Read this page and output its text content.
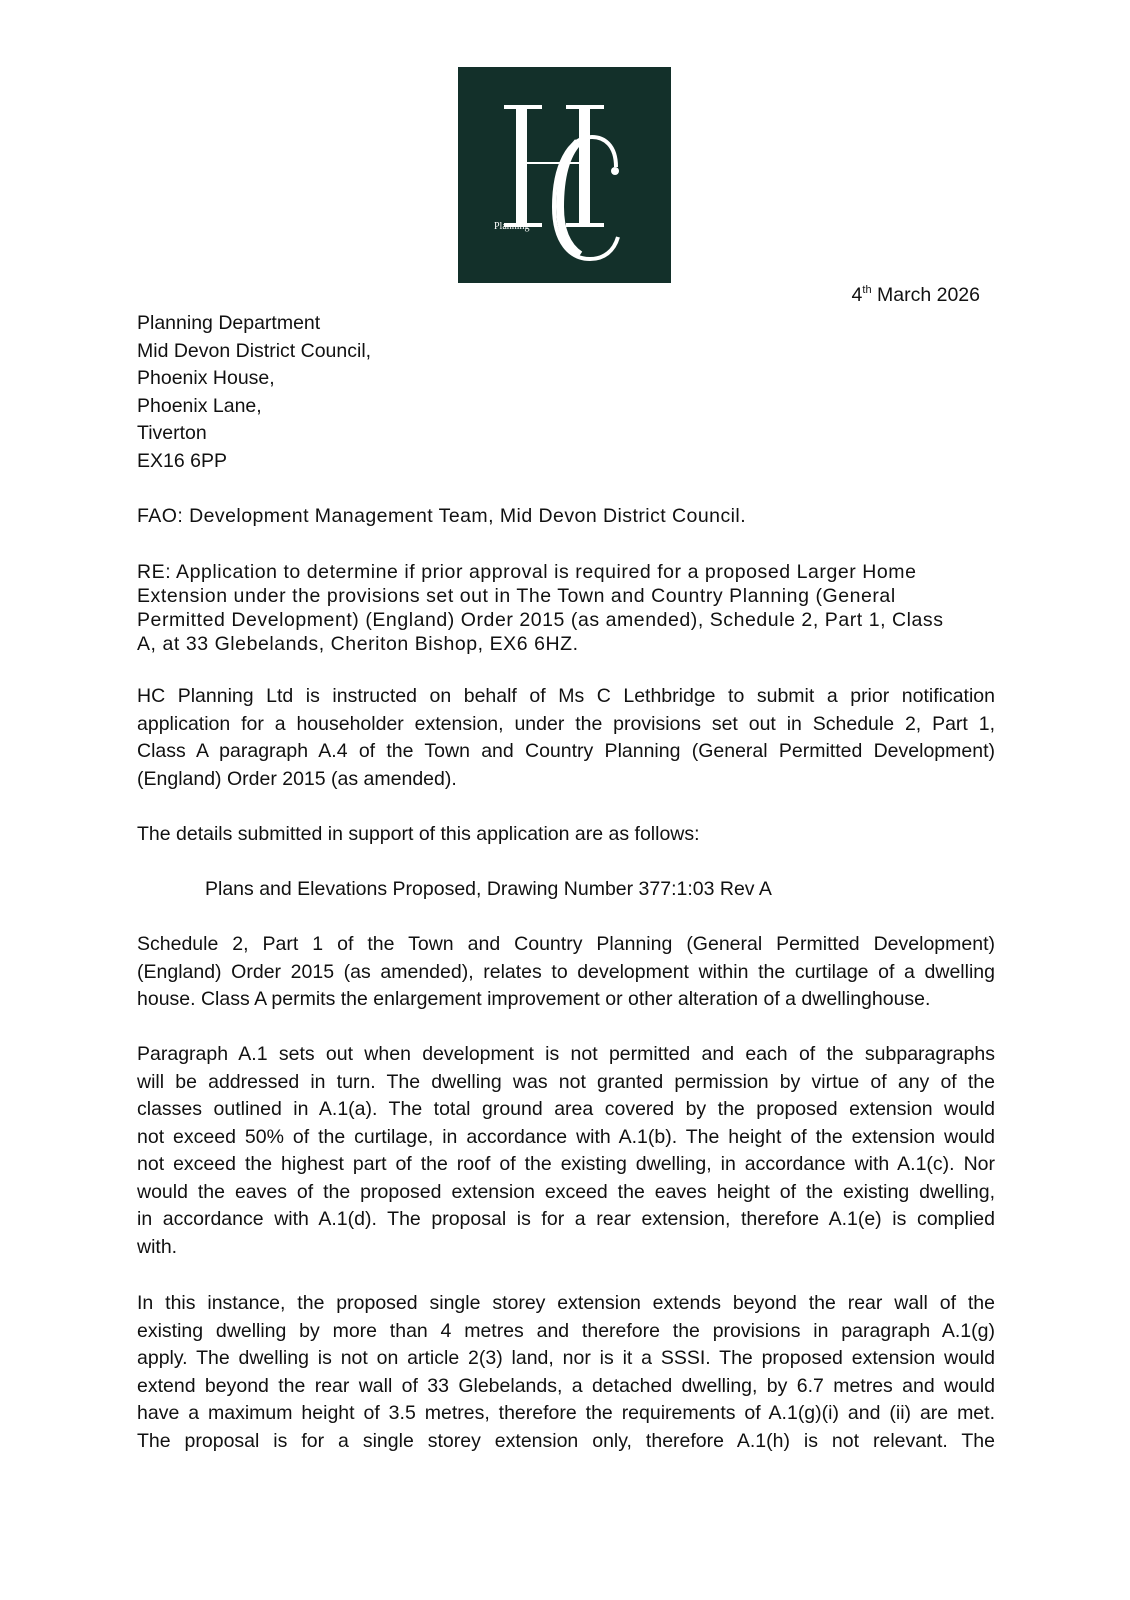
Planning
4th March 2026
Planning Department
Mid Devon District Council,
Phoenix House,
Phoenix Lane,
Tiverton
EX16 6PP
FAO: Development Management Team, Mid Devon District Council.
RE: Application to determine if prior approval is required for a proposed Larger Home
Extension under the provisions set out in The Town and Country Planning (General
Permitted Development) (England) Order 2015 (as amended), Schedule 2, Part 1, Class
A, at 33 Glebelands, Cheriton Bishop, EX6 6HZ.
HC Planning Ltd is instructed on behalf of Ms C Lethbridge to submit a prior notification
application for a householder extension, under the provisions set out in Schedule 2, Part 1,
Class A paragraph A.4 of the Town and Country Planning (General Permitted Development)
(England) Order 2015 (as amended).
The details submitted in support of this application are as follows:
Plans and Elevations Proposed, Drawing Number 377:1:03 Rev A
Schedule 2, Part 1 of the Town and Country Planning (General Permitted Development)
(England) Order 2015 (as amended), relates to development within the curtilage of a dwelling
house. Class A permits the enlargement improvement or other alteration of a dwellinghouse.
Paragraph A.1 sets out when development is not permitted and each of the subparagraphs
will be addressed in turn. The dwelling was not granted permission by virtue of any of the
classes outlined in A.1(a). The total ground area covered by the proposed extension would
not exceed 50% of the curtilage, in accordance with A.1(b). The height of the extension would
not exceed the highest part of the roof of the existing dwelling, in accordance with A.1(c). Nor
would the eaves of the proposed extension exceed the eaves height of the existing dwelling,
in accordance with A.1(d). The proposal is for a rear extension, therefore A.1(e) is complied
with.
In this instance, the proposed single storey extension extends beyond the rear wall of the
existing dwelling by more than 4 metres and therefore the provisions in paragraph A.1(g)
apply. The dwelling is not on article 2(3) land, nor is it a SSSI. The proposed extension would
extend beyond the rear wall of 33 Glebelands, a detached dwelling, by 6.7 metres and would
have a maximum height of 3.5 metres, therefore the requirements of A.1(g)(i) and (ii) are met.
The proposal is for a single storey extension only, therefore A.1(h) is not relevant. The
